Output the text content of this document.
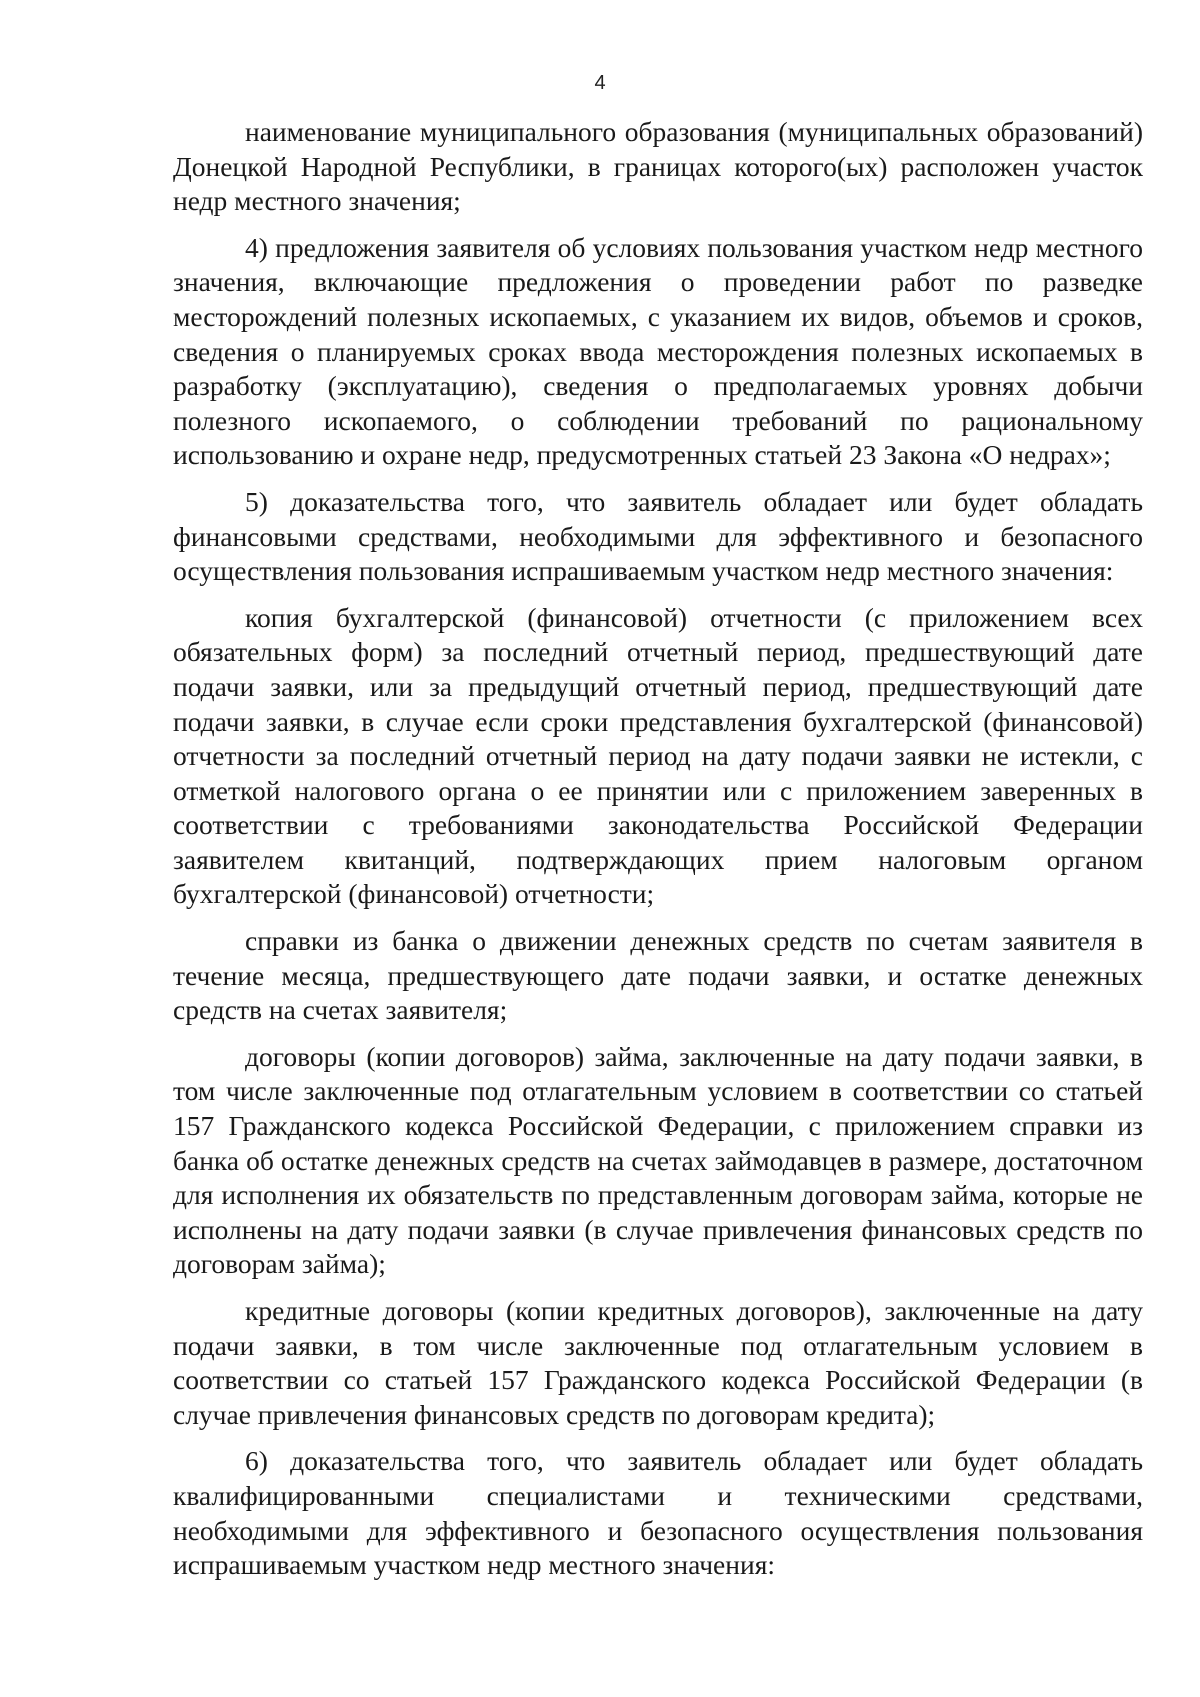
4

наименование муниципального образования (муниципальных образований) Донецкой Народной Республики, в границах которого(ых) расположен участок недр местного значения;

4) предложения заявителя об условиях пользования участком недр местного значения, включающие предложения о проведении работ по разведке месторождений полезных ископаемых, с указанием их видов, объемов и сроков, сведения о планируемых сроках ввода месторождения полезных ископаемых в разработку (эксплуатацию), сведения о предполагаемых уровнях добычи полезного ископаемого, о соблюдении требований по рациональному использованию и охране недр, предусмотренных статьей 23 Закона «О недрах»;

5) доказательства того, что заявитель обладает или будет обладать финансовыми средствами, необходимыми для эффективного и безопасного осуществления пользования испрашиваемым участком недр местного значения:

копия бухгалтерской (финансовой) отчетности (с приложением всех обязательных форм) за последний отчетный период, предшествующий дате подачи заявки, или за предыдущий отчетный период, предшествующий дате подачи заявки, в случае если сроки представления бухгалтерской (финансовой) отчетности за последний отчетный период на дату подачи заявки не истекли, с отметкой налогового органа о ее принятии или с приложением заверенных в соответствии с требованиями законодательства Российской Федерации заявителем квитанций, подтверждающих прием налоговым органом бухгалтерской (финансовой) отчетности;

справки из банка о движении денежных средств по счетам заявителя в течение месяца, предшествующего дате подачи заявки, и остатке денежных средств на счетах заявителя;

договоры (копии договоров) займа, заключенные на дату подачи заявки, в том числе заключенные под отлагательным условием в соответствии со статьей 157 Гражданского кодекса Российской Федерации, с приложением справки из банка об остатке денежных средств на счетах займодавцев в размере, достаточном для исполнения их обязательств по представленным договорам займа, которые не исполнены на дату подачи заявки (в случае привлечения финансовых средств по договорам займа);

кредитные договоры (копии кредитных договоров), заключенные на дату подачи заявки, в том числе заключенные под отлагательным условием в соответствии со статьей 157 Гражданского кодекса Российской Федерации (в случае привлечения финансовых средств по договорам кредита);

6) доказательства того, что заявитель обладает или будет обладать квалифицированными специалистами и техническими средствами, необходимыми для эффективного и безопасного осуществления пользования испрашиваемым участком недр местного значения:
